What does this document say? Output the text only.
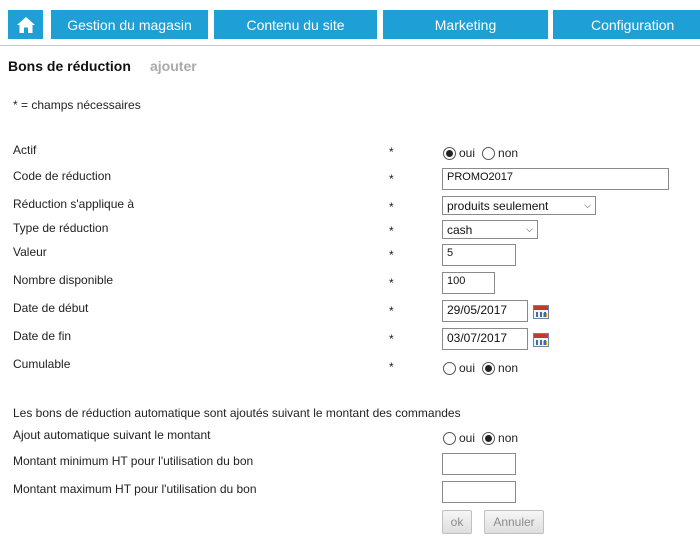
Gestion du magasin	Contenu du site	Marketing	Configuration
Bons de réduction ajouter
* = champs nécessaires
Actif	*	oui non
Code de réduction	*	PROMO2017
Réduction s'applique à	*	produits seulement	⌵
Type de réduction	*	cash	⌵
Valeur	*	5
Nombre disponible	*	100
Date de début	*	29/05/2017
Date de fin	*	03/07/2017
Cumulable	*	oui non
Les bons de réduction automatique sont ajoutés suivant le montant des commandes
Ajout automatique suivant le montant	oui non
Montant minimum HT pour l'utilisation du bon
Montant maximum HT pour l'utilisation du bon
ok	Annuler
